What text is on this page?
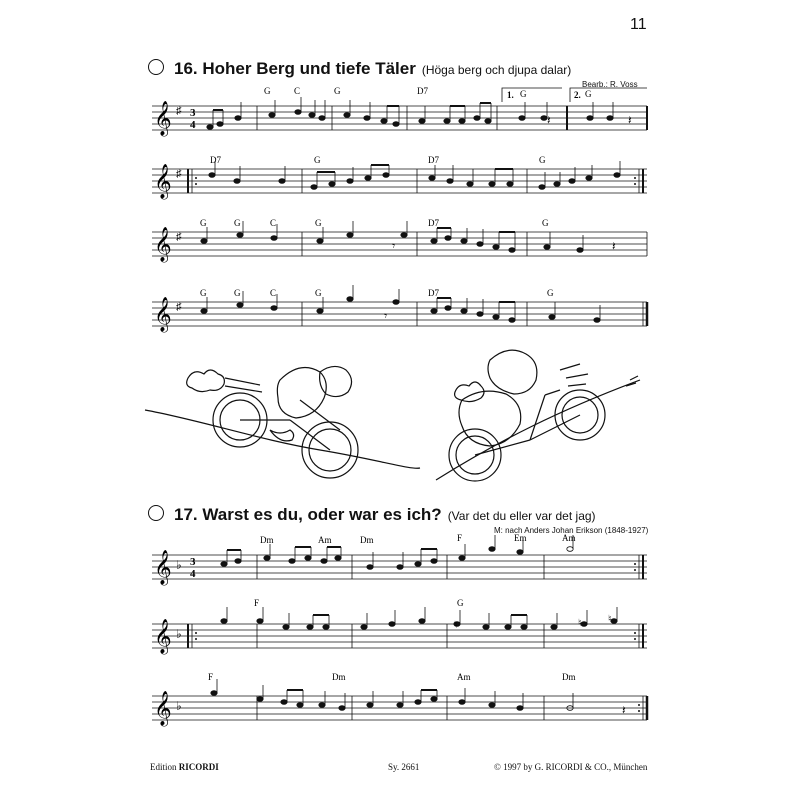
11
16. Hoher Berg und tiefe Täler (Höga berg och djupa dalar)
Bearb.: R. Voss
𝄞 ♯ 3
4	𝄽
𝄽
1.	2.
G	C	G	D7	G	G
𝄞 ♯
D7	G	D7	G
𝄞 ♯
𝄾	𝄽
G	G	C	G	D7	G
𝄞 ♯
𝄾
G	G	C	G	D7	G
𝄞 ♭ 3
4
Dm	Am	Dm	F	Em	Am
𝄞 ♭
♮	♮	♮
F	G
𝄞 ♭	𝄽
F	Dm	Am	Dm
17. Warst es du, oder war es ich? (Var det du eller var det jag)
M: nach Anders Johan Erikson (1848-1927)
Edition RICORDI	Sy. 2661	© 1997 by G. RICORDI & CO., München
